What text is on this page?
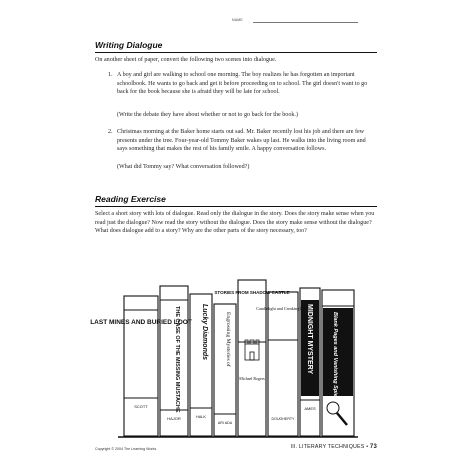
NAME
Writing Dialogue

On another sheet of paper, convert the following two scenes into dialogue.

1. A boy and girl are walking to school one morning. The boy realizes he has forgotten an important schoolbook. He wants to go back and get it before proceeding on to school. The girl doesn't want to go back for the book because she is afraid they will be late for school.

(Write the debate they have about whether or not to go back for the book.)

2. Christmas morning at the Baker home starts out sad. Mr. Baker recently lost his job and there are few presents under the tree. Four-year-old Tommy Baker wakes up last. He walks into the living room and says something that makes the rest of his family smile. A happy conversation follows.

(What did Tommy say? What conversation followed?)

Reading Exercise

Select a short story with lots of dialogue. Read only the dialogue in the story. Does the story make sense when you read just the dialogue? Now read the story without the dialogue. Does the story make sense without the dialogue? What does dialogue add to a story? Why are the other parts of the story necessary, too?

LAST MINES AND BURIED LOOT
THE CASE OF THE MISSING MUSTACHE	Lucky Diamonds	Engrossing Mysteries of
STORIES FROM SHADOW CASTLE
Candlelight and Creaking Stairs
MIDNIGHT MYSTERY	Blank Pages and Vanishing Spies
SCOTT
HAJOR	HALK
ARI ADA
Michael Rogers
DOUGHERTY
AMES
Copyright © 2004 The Learning Works	III. LITERARY TECHNIQUES • 73
